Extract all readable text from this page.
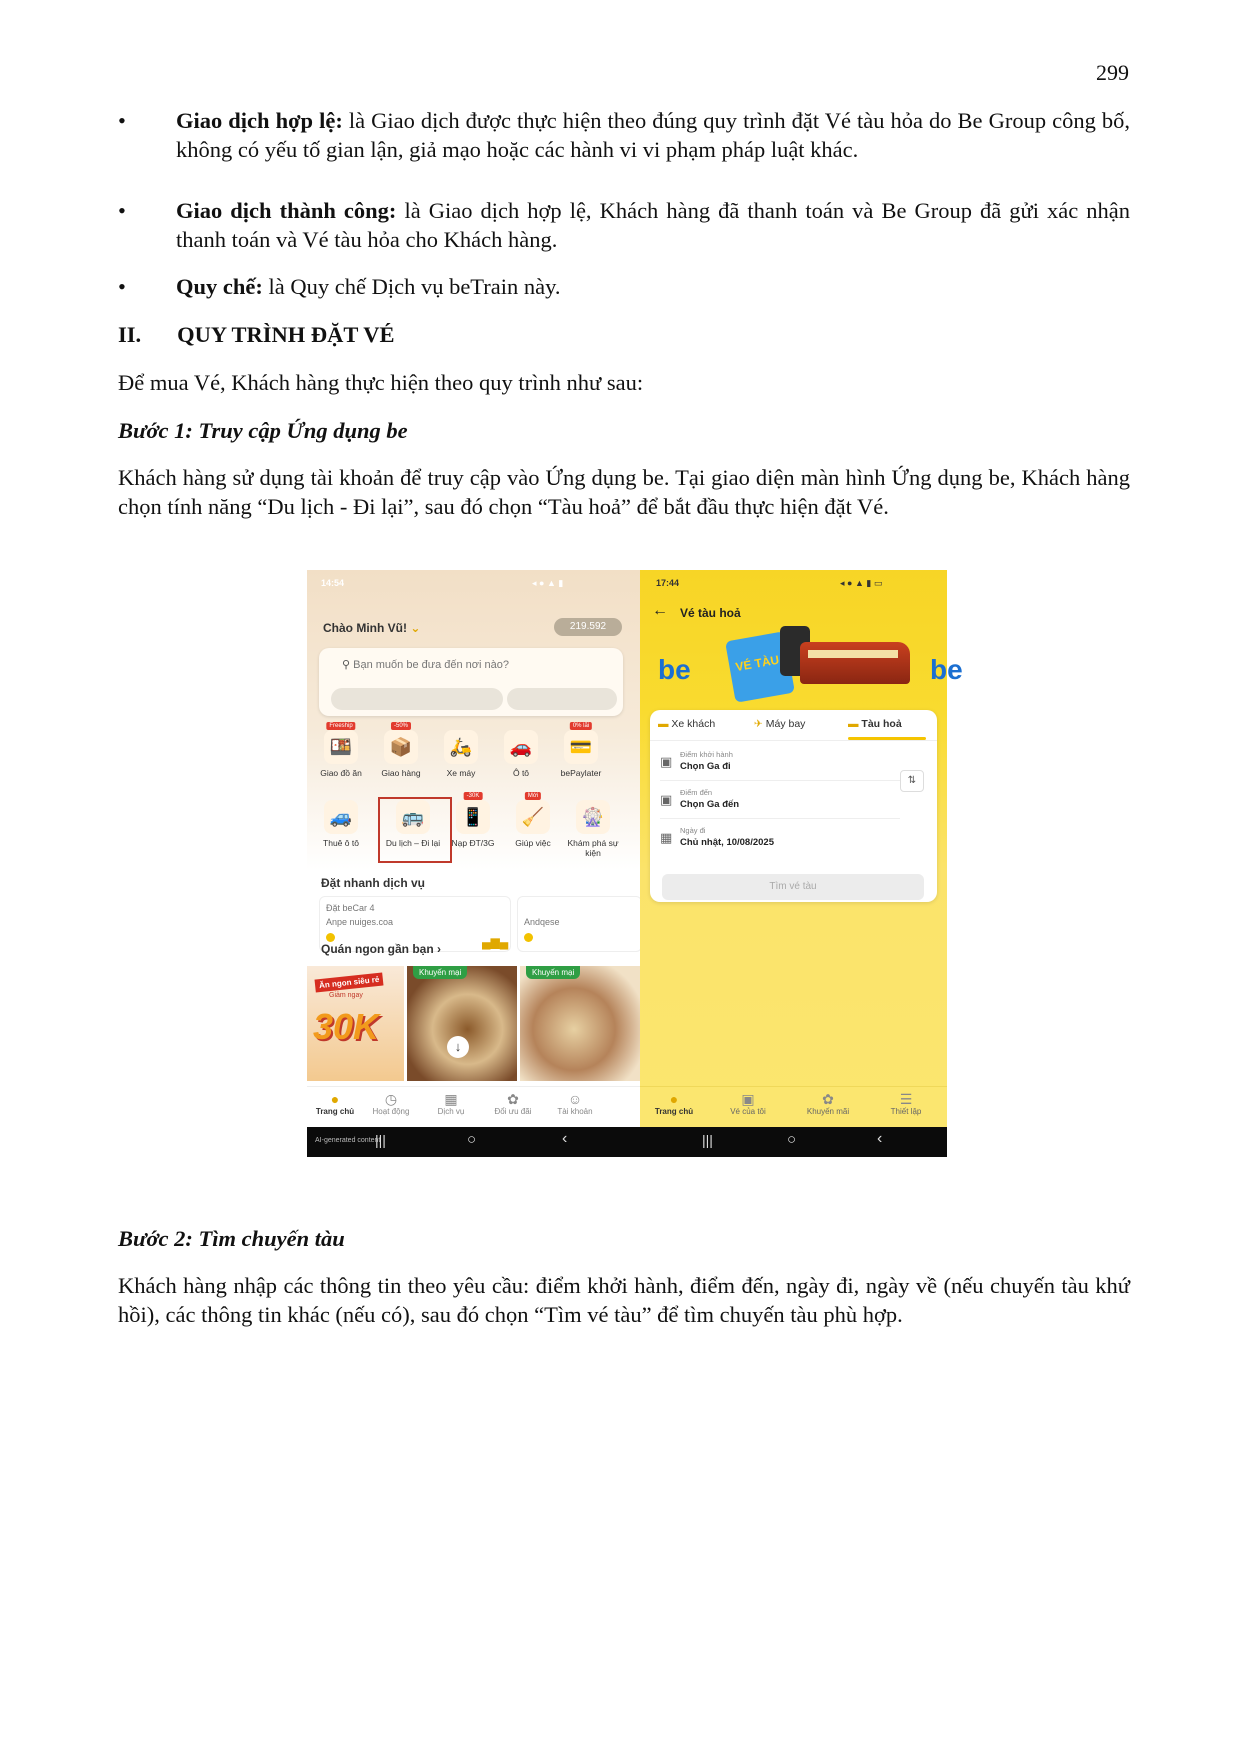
299
• Giao dịch hợp lệ: là Giao dịch được thực hiện theo đúng quy trình đặt Vé tàu hỏa do Be Group công bố, không có yếu tố gian lận, giả mạo hoặc các hành vi vi phạm pháp luật khác.
• Giao dịch thành công: là Giao dịch hợp lệ, Khách hàng đã thanh toán và Be Group đã gửi xác nhận thanh toán và Vé tàu hỏa cho Khách hàng.
• Quy chế: là Quy chế Dịch vụ beTrain này.
II. QUY TRÌNH ĐẶT VÉ
Để mua Vé, Khách hàng thực hiện theo quy trình như sau:
Bước 1: Truy cập Ứng dụng be
Khách hàng sử dụng tài khoản để truy cập vào Ứng dụng be. Tại giao diện màn hình Ứng dụng be, Khách hàng chọn tính năng “Du lịch - Đi lại”, sau đó chọn “Tàu hoả” để bắt đầu thực hiện đặt Vé.
14:54	◂ ● ▲ ▮
Chào Minh Vũ! ⌄	219.592
⚲ Bạn muốn be đưa đến nơi nào?
🍱
Freeship
Giao đồ ăn
📦
-50%
Giao hàng
🛵
Xe máy
🚗
Ô tô
💳
0% lãi
bePaylater
🚙
Thuê ô tô
🚌
Du lịch – Đi lại
📱
-30K
Nạp ĐT/3G
🧹
Mới
Giúp việc
🎡
Khám phá sự kiện
Đặt nhanh dịch vụ
Đặt beCar 4
Anpe nuiges.coa
▄▆▄
Andqese
Quán ngon gần bạn ›
Ăn ngon siêu rẻ
Giảm ngay
30K
Khuyến mại
↓
Khuyến mại
●
Trang chủ
◷
Hoạt động
▦
Dịch vụ
✿
Đổi ưu đãi
☺
Tài khoản
17:44	◂ ● ▲ ▮ ▭
← Vé tàu hoả
be	VÉ TÀU	be
▬ Xe khách	✈ Máy bay	▬ Tàu hoả
▣ Điểm khởi hành
Chọn Ga đi
⇅
▣ Điểm đến
Chọn Ga đến
▦ Ngày đi
Chủ nhật, 10/08/2025
Tìm vé tàu
●
Trang chủ
▣
Vé của tôi
✿
Khuyến mãi
☰
Thiết lập
AI-generated content
|||	○	‹	|||	○	‹
Bước 2: Tìm chuyến tàu
Khách hàng nhập các thông tin theo yêu cầu: điểm khởi hành, điểm đến, ngày đi, ngày về (nếu chuyến tàu khứ hồi), các thông tin khác (nếu có), sau đó chọn “Tìm vé tàu” để tìm chuyến tàu phù hợp.
